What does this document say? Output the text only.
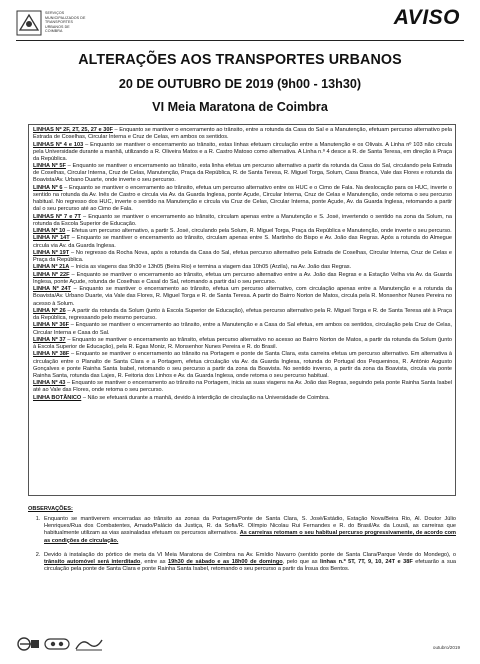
SERVIÇOS
MUNICIPALIZADOS DE
TRANSPORTES
URBANOS DE
COIMBRA
AVISO
ALTERAÇÕES AOS TRANSPORTES URBANOS
20 DE OUTUBRO DE 2019 (9h00 - 13h30)
VI Meia Maratona de Coimbra

LINHAS Nº 2F, 2T, 25, 27 e 30F – Enquanto se mantiver o encerramento ao trânsito, entre a rotunda da Casa do Sal e a Manutenção, efetuam percurso alternativo pela Estrada de Coselhas, Circular Interna e Cruz de Celas, em ambos os sentidos.

LINHAS Nº 4 e 103 – Enquanto se mantiver o encerramento ao trânsito, estas linhas efetuam circulação entre a Manutenção e os Olivais. A Linha nº 103 não circula pela Universidade durante a manhã, utilizando a R. Oliveira Matos e a R. Castro Matoso como alternativa. A Linha n.º 4 desce a R. de Santa Teresa, em direção à Praça da República.

LINHA Nº 5F – Enquanto se mantiver o encerramento ao trânsito, esta linha efetua um percurso alternativo a partir da rotunda da Casa do Sal, circulando pela Estrada de Coselhas, Circular Interna, Cruz de Celas, Manutenção, Praça da República, R. de Santa Teresa, R. Miguel Torga, Solum, Casa Branca, Vale das Flores e rotunda da Boavista/Av. Urbano Duarte, onde inverte o seu percurso.

LINHA Nº 6 – Enquanto se mantiver o encerramento ao trânsito, efetua um percurso alternativo entre os HUC e o Cimo de Fala. Na deslocação para os HUC, inverte o sentido na rotunda da Av. Inês de Castro e circula via Av. da Guarda Inglesa, ponte Açude, Circular Interna, Cruz de Celas e Manutenção, onde retoma o seu percurso habitual. No regresso dos HUC, inverte o sentido na Manutenção e circula via Cruz de Celas, Circular Interna, ponte Açude, Av. da Guarda Inglesa, retomando a partir daí o seu percurso até ao Cimo de Fala.

LINHAS Nº 7 e 7T – Enquanto se mantiver o encerramento ao trânsito, circulam apenas entre a Manutenção e S. José, invertendo o sentido na zona da Solum, na rotunda da Escola Superior de Educação.

LINHA Nº 10 – Efetua um percurso alternativo, a partir S. José, circulando pela Solum, R. Miguel Torga, Praça da República e Manutenção, onde inverte o seu percurso.

LINHA Nº 14T – Enquanto se mantiver o encerramento ao trânsito, circulam apenas entre S. Martinho do Bispo e Av. João das Regras. Após a rotunda do Almegue circula via Av. da Guarda Inglesa.

LINHA Nº 19T – No regresso da Rocha Nova, após a rotunda da Casa do Sal, efetua percurso alternativo pela Estrada de Coselhas, Circular Interna, Cruz de Celas e Praça da República.

LINHA Nº 21A – Inicia as viagens das 9h30 e 13h05 (Beira Rio) e termina a viagem das 10h05 (Arzila), na Av. João das Regras.

LINHA Nº 22F – Enquanto se mantiver o encerramento ao trânsito, efetua um percurso alternativo entre a Av. João das Regras e a Estação Velha via Av. da Guarda Inglesa, ponte Açude, rotunda de Coselhas e Casal do Sal, retomando a partir daí o seu percurso.

LINHA Nº 24T – Enquanto se mantiver o encerramento ao trânsito, efetua um percurso alternativo, com circulação apenas entre a Manutenção e a rotunda da Boavista/Av. Urbano Duarte, via Vale das Flores, R. Miguel Torga e R. de Santa Teresa. A partir do Bairro Norton de Matos, circula pela R. Monsenhor Nunes Pereira no acesso à Solum.

LINHA Nº 26 – A partir da rotunda da Solum (junto à Escola Superior de Educação), efetua percurso alternativo pela R. Miguel Torga e R. de Santa Teresa até à Praça da República, regressando pelo mesmo percurso.

LINHA Nº 36F – Enquanto se mantiver o encerramento ao trânsito, entre a Manutenção e a Casa do Sal efetua, em ambos os sentidos, circulação pela Cruz de Celas, Circular Interna e Casa do Sal.

LINHA Nº 37 – Enquanto se mantiver o encerramento ao trânsito, efetua percurso alternativo no acesso ao Bairro Norton de Matos, a partir da rotunda da Solum (junto à Escola Superior de Educação), pela R. Egas Moniz, R. Monsenhor Nunes Pereira e R. do Brasil.

LINHA Nº 38F – Enquanto se mantiver o encerramento ao trânsito na Portagem e ponte de Santa Clara, esta carreira efetua um percurso alternativo. Em alternativa à circulação entre o Planalto de Santa Clara e a Portagem, efetua circulação via Av. da Guarda Inglesa, rotunda do Portugal dos Pequeninos, R. António Augusto Gonçalves e ponte Rainha Santa Isabel, retomando o seu percurso a partir da zona da Boavista. No sentido inverso, a partir da zona da Boavista, circula via ponte Rainha Santa, rotunda das Lajes, R. Feitoria dos Linhos e Av. da Guarda Inglesa, onde retoma o seu percurso habitual.

LINHA Nº 43 – Enquanto se mantiver o encerramento ao trânsito na Portagem, inicia as suas viagens na Av. João das Regras, seguindo pela ponte Rainha Santa Isabel até ao Vale das Flores, onde retoma o seu percurso.

LINHA BOTÂNICO – Não se efetuará durante a manhã, devido à interdição de circulação na Universidade de Coimbra.

OBSERVAÇÕES:
1. Enquanto se mantiverem encerradas ao trânsito as zonas da Portagem/Ponte de Santa Clara, S. José/Estádio, Estação Nova/Beira Rio, Al. Doutor Júlio Henriques/Rua dos Combatentes, Arnado/Palácio da Justiça, R. da Sofia/R. Olímpio Nicolau Rui Fernandes e R. do Brasil/Av. da Lousã, as carreiras que habitualmente utilizam as vias assinaladas efetuam os percursos alternativos. As carreiras retomam o seu habitual percurso progressivamente, de acordo com as condições de circulação.
2. Devido à instalação do pórtico de meta da VI Meia Maratona de Coimbra na Av. Emídio Navarro (sentido ponte de Santa Clara/Parque Verde do Mondego), o trânsito automóvel será interditado, entre as 19h30 de sábado e as 18h00 de domingo, pelo que as linhas n.º 5T, 7T, 9, 10, 24T e 38F efetuarão a sua circulação pela ponte de Santa Clara e ponte Rainha Santa Isabel, retomando o seu percurso a partir da Ínsua dos Bentos.
outubro/2019
